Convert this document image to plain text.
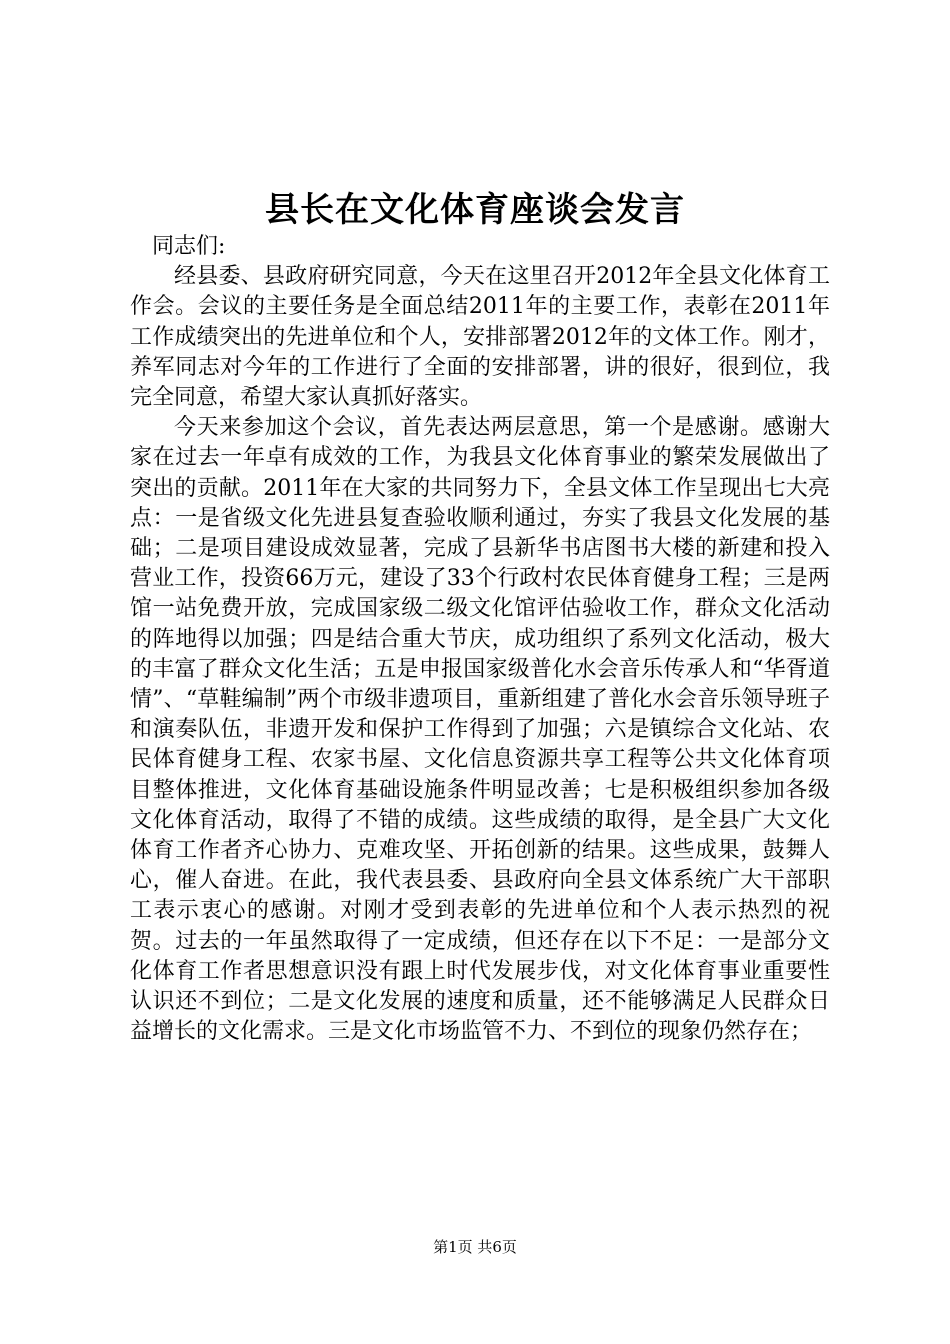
县长在文化体育座谈会发言

同志们:

经县委、县政府研究同意，今天在这里召开2012年全县文化体育工作会。会议的主要任务是全面总结2011年的主要工作，表彰在2011年工作成绩突出的先进单位和个人，安排部署2012年的文体工作。刚才，养军同志对今年的工作进行了全面的安排部署，讲的很好，很到位，我完全同意，希望大家认真抓好落实。

今天来参加这个会议，首先表达两层意思，第一个是感谢。感谢大家在过去一年卓有成效的工作，为我县文化体育事业的繁荣发展做出了突出的贡献。2011年在大家的共同努力下，全县文体工作呈现出七大亮点：一是省级文化先进县复查验收顺利通过，夯实了我县文化发展的基础；二是项目建设成效显著，完成了县新华书店图书大楼的新建和投入营业工作，投资66万元，建设了33个行政村农民体育健身工程；三是两馆一站免费开放，完成国家级二级文化馆评估验收工作，群众文化活动的阵地得以加强；四是结合重大节庆，成功组织了系列文化活动，极大的丰富了群众文化生活；五是申报国家级普化水会音乐传承人和“华胥道情”、“草鞋编制”两个市级非遗项目，重新组建了普化水会音乐领导班子和演奏队伍，非遗开发和保护工作得到了加强；六是镇综合文化站、农民体育健身工程、农家书屋、文化信息资源共享工程等公共文化体育项目整体推进，文化体育基础设施条件明显改善；七是积极组织参加各级文化体育活动，取得了不错的成绩。这些成绩的取得，是全县广大文化体育工作者齐心协力、克难攻坚、开拓创新的结果。这些成果，鼓舞人心，催人奋进。在此，我代表县委、县政府向全县文体系统广大干部职工表示衷心的感谢。对刚才受到表彰的先进单位和个人表示热烈的祝贺。过去的一年虽然取得了一定成绩，但还存在以下不足：一是部分文化体育工作者思想意识没有跟上时代发展步伐，对文化体育事业重要性认识还不到位；二是文化发展的速度和质量，还不能够满足人民群众日益增长的文化需求。三是文化市场监管不力、不到位的现象仍然存在；

第1页 共6页
